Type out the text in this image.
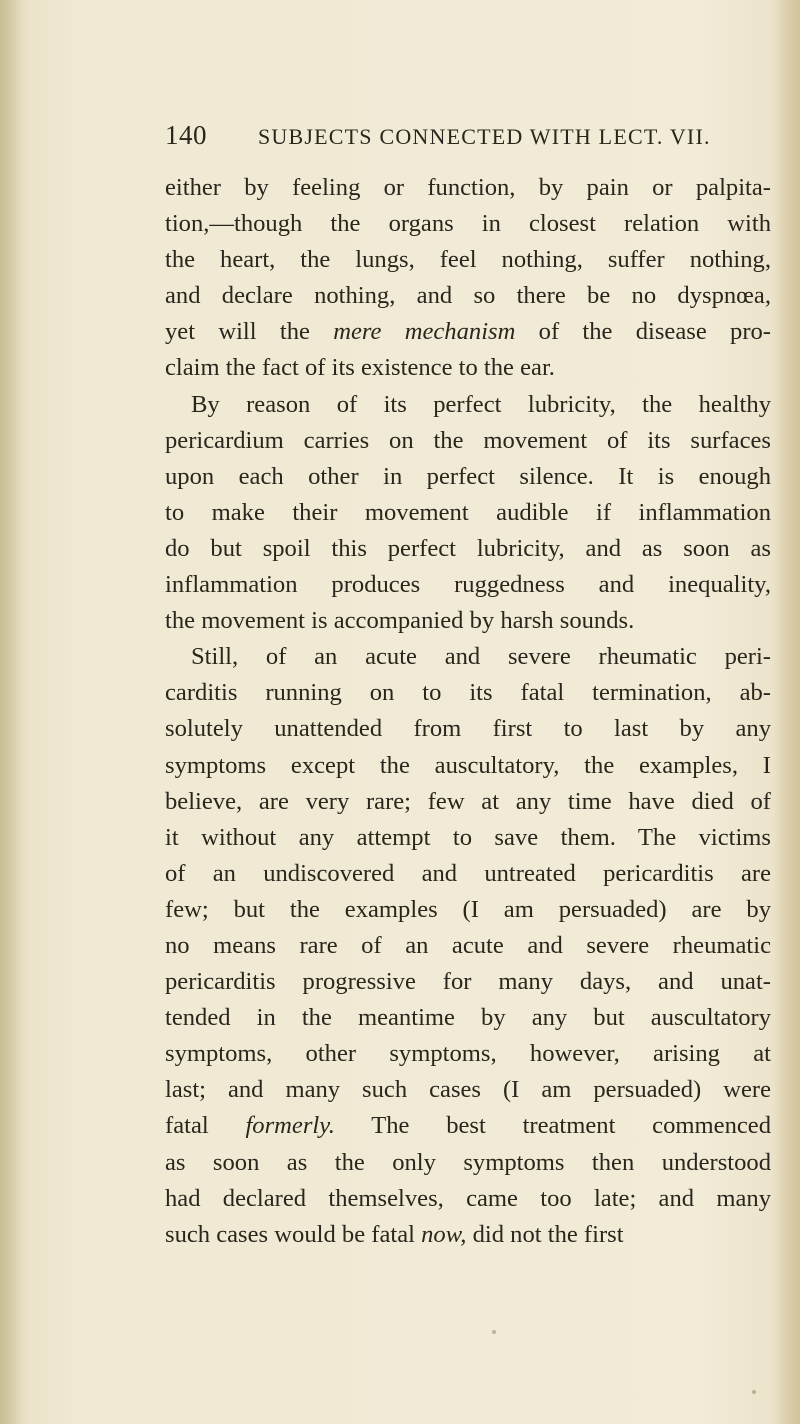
140 SUBJECTS CONNECTED WITH LECT. VII.
either by feeling or function, by pain or palpita-
tion,—though the organs in closest relation with
the heart, the lungs, feel nothing, suffer nothing,
and declare nothing, and so there be no dyspnœa,
yet will the mere mechanism of the disease pro-
claim the fact of its existence to the ear.
By reason of its perfect lubricity, the healthy
pericardium carries on the movement of its surfaces
upon each other in perfect silence. It is enough
to make their movement audible if inflammation
do but spoil this perfect lubricity, and as soon as
inflammation produces ruggedness and inequality,
the movement is accompanied by harsh sounds.
Still, of an acute and severe rheumatic peri-
carditis running on to its fatal termination, ab-
solutely unattended from first to last by any
symptoms except the auscultatory, the examples, I
believe, are very rare; few at any time have died of
it without any attempt to save them. The victims
of an undiscovered and untreated pericarditis are
few; but the examples (I am persuaded) are by
no means rare of an acute and severe rheumatic
pericarditis progressive for many days, and unat-
tended in the meantime by any but auscultatory
symptoms, other symptoms, however, arising at
last; and many such cases (I am persuaded) were
fatal formerly. The best treatment commenced
as soon as the only symptoms then understood
had declared themselves, came too late; and many
such cases would be fatal now, did not the first
